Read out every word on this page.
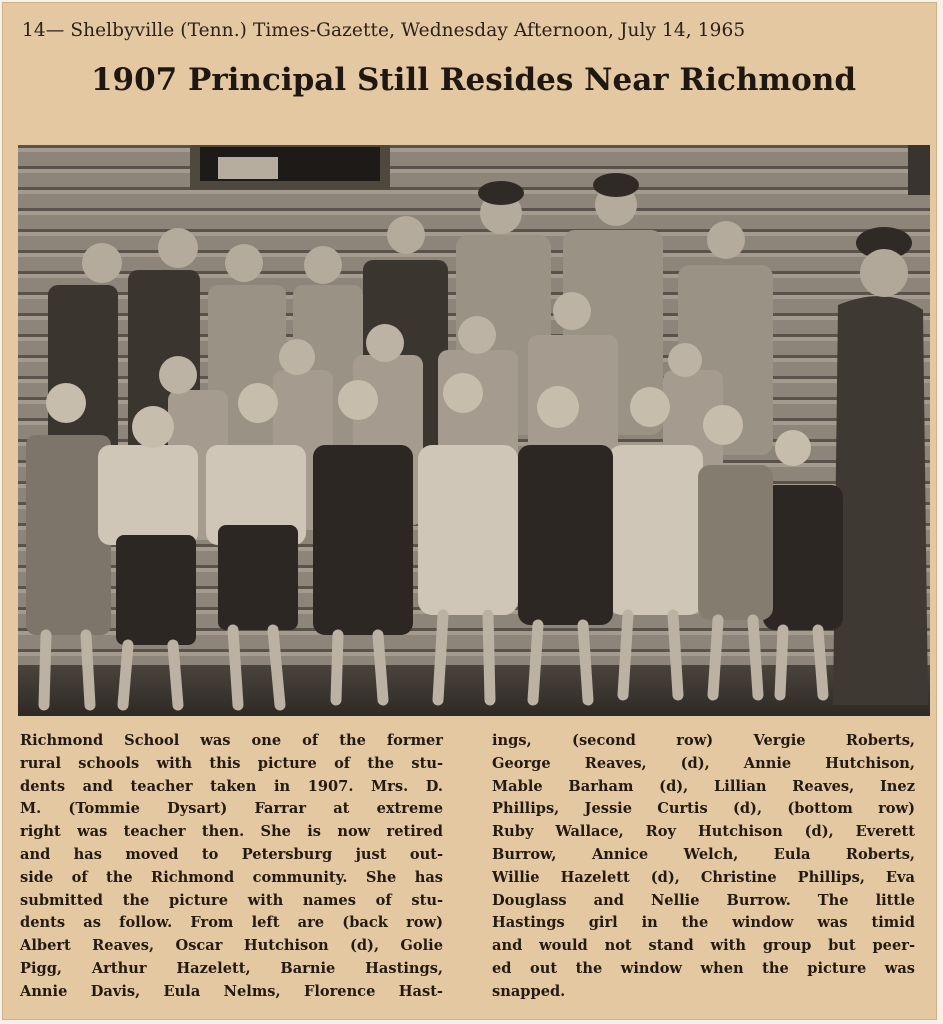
14— Shelbyville (Tenn.) Times-Gazette, Wednesday Afternoon, July 14, 1965
1907 Principal Still Resides Near Richmond
Richmond School was one of the former
rural schools with this picture of the stu-
dents and teacher taken in 1907. Mrs. D.
M. (Tommie Dysart) Farrar at extreme
right was teacher then. She is now retired
and has moved to Petersburg just out-
side of the Richmond community. She has
submitted the picture with names of stu-
dents as follow. From left are (back row)
Albert Reaves, Oscar Hutchison (d), Golie
Pigg, Arthur Hazelett, Barnie Hastings,
Annie Davis, Eula Nelms, Florence Hast-
ings, (second row) Vergie Roberts,
George Reaves, (d), Annie Hutchison,
Mable Barham (d), Lillian Reaves, Inez
Phillips, Jessie Curtis (d), (bottom row)
Ruby Wallace, Roy Hutchison (d), Everett
Burrow, Annice Welch, Eula Roberts,
Willie Hazelett (d), Christine Phillips, Eva
Douglass and Nellie Burrow. The little
Hastings girl in the window was timid
and would not stand with group but peer-
ed out the window when the picture was
snapped.
